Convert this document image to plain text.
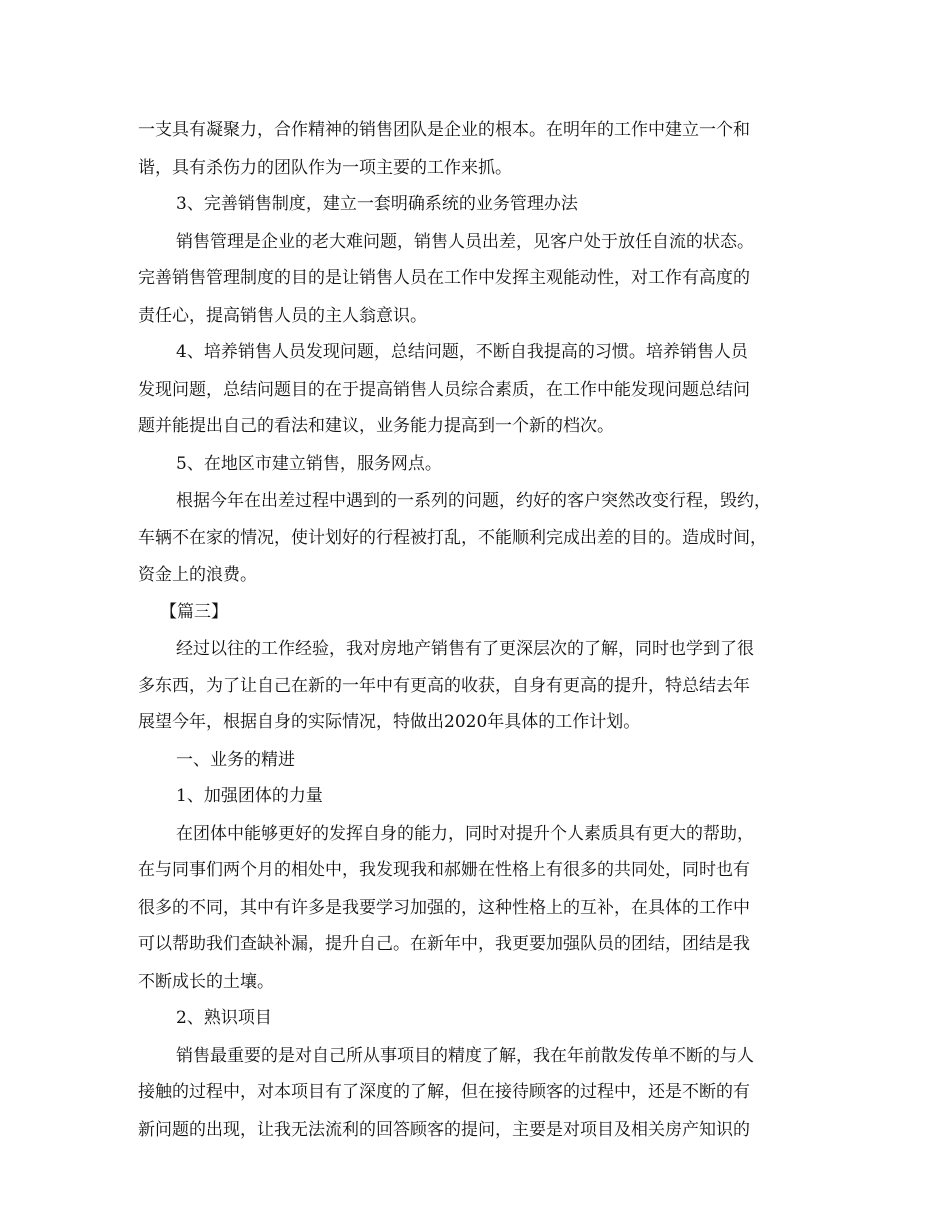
一支具有凝聚力，合作精神的销售团队是企业的根本。在明年的工作中建立一个和
谐，具有杀伤力的团队作为一项主要的工作来抓。
3、完善销售制度，建立一套明确系统的业务管理办法
销售管理是企业的老大难问题，销售人员出差，见客户处于放任自流的状态。
完善销售管理制度的目的是让销售人员在工作中发挥主观能动性，对工作有高度的
责任心，提高销售人员的主人翁意识。
4、培养销售人员发现问题，总结问题，不断自我提高的习惯。培养销售人员
发现问题，总结问题目的在于提高销售人员综合素质，在工作中能发现问题总结问
题并能提出自己的看法和建议，业务能力提高到一个新的档次。
5、在地区市建立销售，服务网点。
根据今年在出差过程中遇到的一系列的问题，约好的客户突然改变行程，毁约，
车辆不在家的情况，使计划好的行程被打乱，不能顺利完成出差的目的。造成时间，
资金上的浪费。
【篇三】
经过以往的工作经验，我对房地产销售有了更深层次的了解，同时也学到了很
多东西，为了让自己在新的一年中有更高的收获，自身有更高的提升，特总结去年
展望今年，根据自身的实际情况，特做出2020年具体的工作计划。
一、业务的精进
1、加强团体的力量
在团体中能够更好的发挥自身的能力，同时对提升个人素质具有更大的帮助，
在与同事们两个月的相处中，我发现我和郝姗在性格上有很多的共同处，同时也有
很多的不同，其中有许多是我要学习加强的，这种性格上的互补，在具体的工作中
可以帮助我们查缺补漏，提升自己。在新年中，我更要加强队员的团结，团结是我
不断成长的土壤。
2、熟识项目
销售最重要的是对自己所从事项目的精度了解，我在年前散发传单不断的与人
接触的过程中，对本项目有了深度的了解，但在接待顾客的过程中，还是不断的有
新问题的出现，让我无法流利的回答顾客的提问，主要是对项目及相关房产知识的
